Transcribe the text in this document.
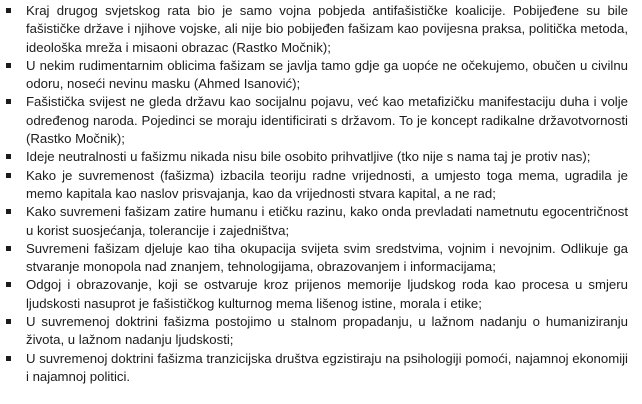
Kraj drugog svjetskog rata bio je samo vojna pobjeda antifašističke koalicije. Pobijeđene su bile fašističke države i njihove vojske, ali nije bio pobijeđen fašizam kao povijesna praksa, politička metoda, ideološka mreža i misaoni obrazac (Rastko Močnik);
U nekim rudimentarnim oblicima fašizam se javlja tamo gdje ga uopće ne očekujemo, obučen u civilnu odoru, noseći nevinu masku (Ahmed Isanović);
Fašistička svijest ne gleda državu kao socijalnu pojavu, već kao metafizičku manifestaciju duha i volje određenog naroda. Pojedinci se moraju identificirati s državom. To je koncept radikalne državotvornosti (Rastko Močnik);
Ideje neutralnosti u fašizmu nikada nisu bile osobito prihvatljive (tko nije s nama taj je protiv nas);
Kako je suvremenost (fašizma) izbacila teoriju radne vrijednosti, a umjesto toga mema, ugradila je memo kapitala kao naslov prisvajanja, kao da vrijednosti stvara kapital, a ne rad;
Kako suvremeni fašizam zatire humanu i etičku razinu, kako onda prevladati nametnutu egocentričnost u korist suosjećanja, tolerancije i zajedništva;
Suvremeni fašizam djeluje kao tiha okupacija svijeta svim sredstvima, vojnim i nevojnim. Odlikuje ga stvaranje monopola nad znanjem, tehnologijama, obrazovanjem i informacijama;
Odgoj i obrazovanje, koji se ostvaruje kroz prijenos memorije ljudskog roda kao procesa u smjeru ljudskosti nasuprot je fašističkog kulturnog mema lišenog istine, morala i etike;
U suvremenoj doktrini fašizma postojimo u stalnom propadanju, u lažnom nadanju o humaniziranju života, u lažnom nadanju ljudskosti;
U suvremenoj doktrini fašizma tranzicijska društva egzistiraju na psihologiji pomoći, najamnoj ekonomiji i najamnoj politici.
